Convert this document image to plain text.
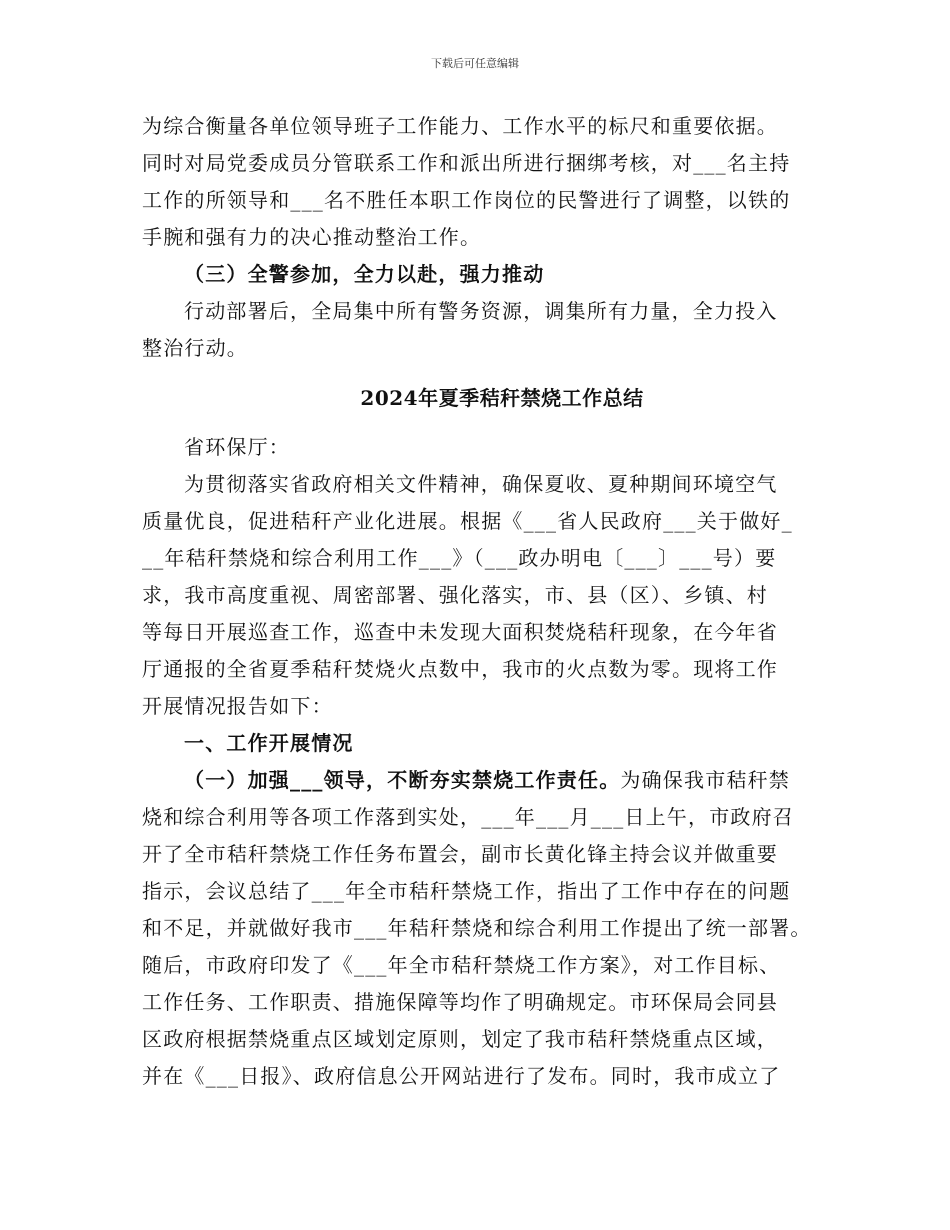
下载后可任意编辑
为综合衡量各单位领导班子工作能力、工作水平的标尺和重要依据。
同时对局党委成员分管联系工作和派出所进行捆绑考核，对___名主持
工作的所领导和___名不胜任本职工作岗位的民警进行了调整，以铁的
手腕和强有力的决心推动整治工作。
（三）全警参加，全力以赴，强力推动
行动部署后，全局集中所有警务资源，调集所有力量，全力投入
整治行动。
2024年夏季秸秆禁烧工作总结
省环保厅：
为贯彻落实省政府相关文件精神，确保夏收、夏种期间环境空气
质量优良，促进秸秆产业化进展。根据《___省人民政府___关于做好_
__年秸秆禁烧和综合利用工作___》（___政办明电〔___〕___号）要
求，我市高度重视、周密部署、强化落实，市、县（区）、乡镇、村
等每日开展巡查工作，巡查中未发现大面积焚烧秸秆现象，在今年省
厅通报的全省夏季秸秆焚烧火点数中，我市的火点数为零。现将工作
开展情况报告如下：
一、工作开展情况
（一）加强___领导，不断夯实禁烧工作责任。为确保我市秸秆禁
烧和综合利用等各项工作落到实处，___年___月___日上午，市政府召
开了全市秸秆禁烧工作任务布置会，副市长黄化锋主持会议并做重要
指示，会议总结了___年全市秸秆禁烧工作，指出了工作中存在的问题
和不足，并就做好我市___年秸秆禁烧和综合利用工作提出了统一部署。
随后，市政府印发了《___年全市秸秆禁烧工作方案》，对工作目标、
工作任务、工作职责、措施保障等均作了明确规定。市环保局会同县
区政府根据禁烧重点区域划定原则，划定了我市秸秆禁烧重点区域，
并在《___日报》、政府信息公开网站进行了发布。同时，我市成立了
